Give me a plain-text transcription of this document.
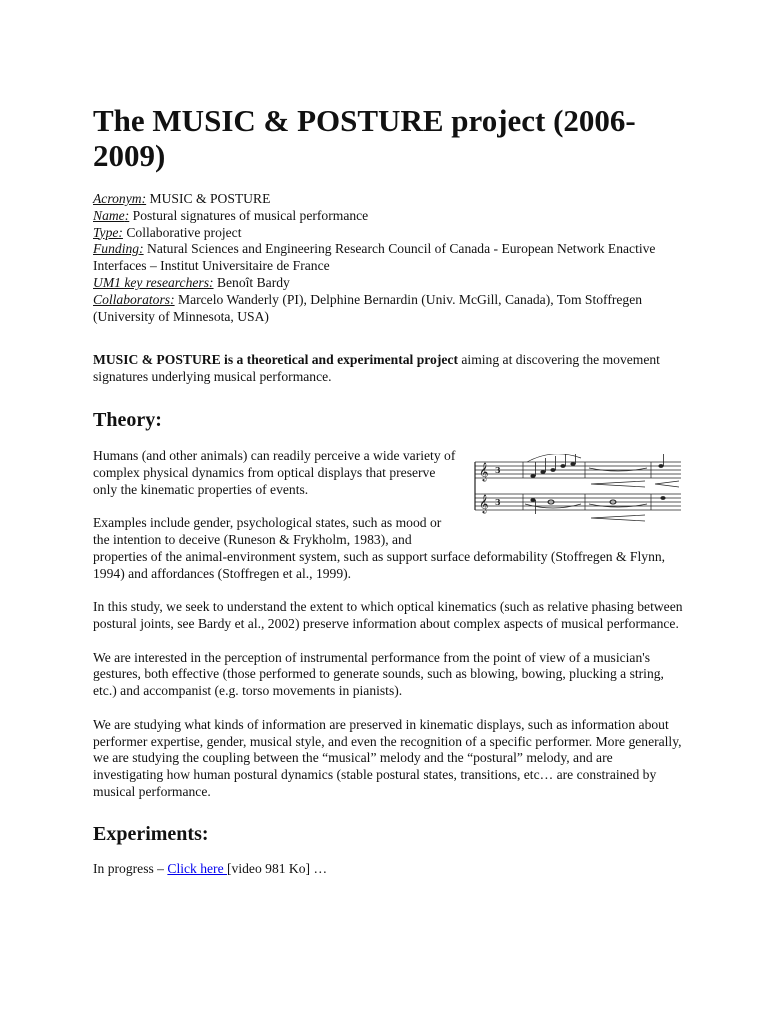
The MUSIC & POSTURE project (2006-2009)
Acronym: MUSIC & POSTURE
Name: Postural signatures of musical performance
Type: Collaborative project
Funding: Natural Sciences and Engineering Research Council of Canada - European Network Enactive Interfaces – Institut Universitaire de France
UM1 key researchers: Benoît Bardy
Collaborators: Marcelo Wanderly (PI), Delphine Bernardin (Univ. McGill, Canada), Tom Stoffregen (University of Minnesota, USA)

MUSIC & POSTURE is a theoretical and experimental project aiming at discovering the movement signatures underlying musical performance.

Theory:
𝄞
𝄞
3
3

Humans (and other animals) can readily perceive a wide variety of complex physical dynamics from optical displays that preserve only the kinematic properties of events.

Examples include gender, psychological states, such as mood or the intention to deceive (Runeson & Frykholm, 1983), and properties of the animal-environment system, such as support surface deformability (Stoffregen & Flynn, 1994) and affordances (Stoffregen et al., 1999).

In this study, we seek to understand the extent to which optical kinematics (such as relative phasing between postural joints, see Bardy et al., 2002) preserve information about complex aspects of musical performance.

We are interested in the perception of instrumental performance from the point of view of a musician's gestures, both effective (those performed to generate sounds, such as blowing, bowing, plucking a string, etc.) and accompanist (e.g. torso movements in pianists).

We are studying what kinds of information are preserved in kinematic displays, such as information about performer expertise, gender, musical style, and even the recognition of a specific performer. More generally, we are studying the coupling between the “musical” melody and the “postural” melody, and are investigating how human postural dynamics (stable postural states, transitions, etc… are constrained by musical performance.

Experiments:

In progress – Click here [video 981 Ko] …
